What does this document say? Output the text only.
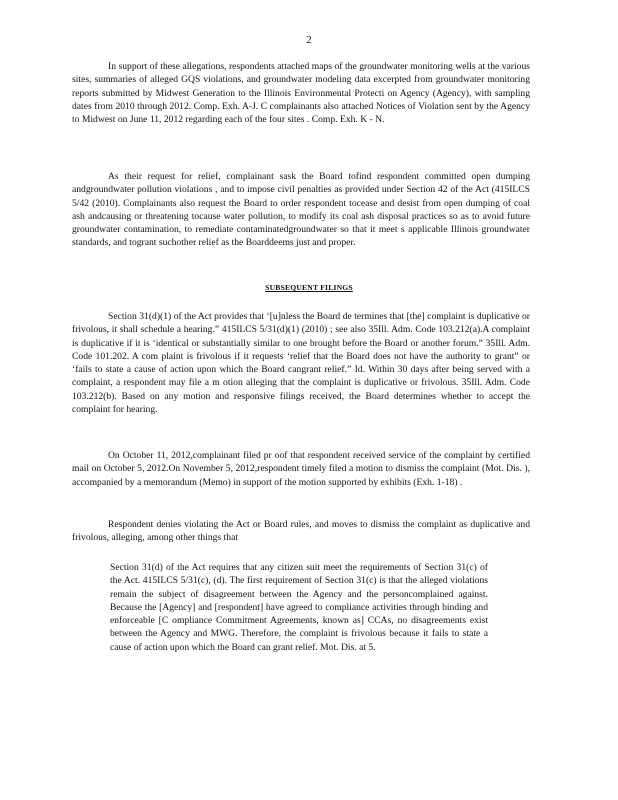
2

In support of these allegations, respondents attached maps of the groundwater monitoring wells at the various sites, summaries of alleged GQS violations, and groundwater modeling data excerpted from groundwater monitoring reports submitted by Midwest Generation to the Illinois Environmental Protecti on Agency (Agency), with sampling dates from 2010 through 2012. Comp. Exh. A-J. C complainants also attached Notices of Violation sent by the Agency to Midwest on June 11, 2012 regarding each of the four sites . Comp. Exh. K - N.

As their request for relief, complainant sask the Board tofind respondent committed open dumping andgroundwater pollution violations , and to impose civil penalties as provided under Section 42 of the Act (415ILCS 5/42 (2010). Complainants also request the Board to order respondent tocease and desist from open dumping of coal ash andcausing or threatening tocause water pollution, to modify its coal ash disposal practices so as to avoid future groundwater contamination, to remediate contaminatedgroundwater so that it meet s applicable Illinois groundwater standards, and togrant suchother relief as the Boarddeems just and proper.

SUBSEQUENT FILINGS

Section 31(d)(1) of the Act provides that ‘[u]nless the Board de termines that [the] complaint is duplicative or frivolous, it shall schedule a hearing.” 415ILCS 5/31(d)(1) (2010) ; see also 35Ill. Adm. Code 103.212(a).A complaint is duplicative if it is ‘identical or substantially similar to one brought before the Board or another forum.” 35Ill. Adm. Code 101.202. A com plaint is frivolous if it requests ‘relief that the Board does not have the authority to grant” or ‘fails to state a cause of action upon which the Board cangrant relief.” Id. Within 30 days after being served with a complaint, a respondent may file a m otion alleging that the complaint is duplicative or frivolous. 35Ill. Adm. Code 103.212(b). Based on any motion and responsive filings received, the Board determines whether to accept the complaint for hearing.

On October 11, 2012,complainant filed pr oof that respondent received service of the complaint by certified mail on October 5, 2012.On November 5, 2012,respondent timely filed a motion to dismiss the complaint (Mot. Dis. ), accompanied by a memorandum (Memo) in support of the motion supported by exhibits (Exh. 1-18) .

Respondent denies violating the Act or Board rules, and moves to dismiss the complaint as duplicative and frivolous, alleging, among other things that

Section 31(d) of the Act requires that any citizen suit meet the requirements of Section 31(c) of the Act. 415ILCS 5/31(c), (d). The first requirement of Section 31(c) is that the alleged violations remain the subject of disagreement between the Agency and the personcomplained against. Because the [Agency] and [respondent] have agreed to compliance activities through binding and enforceable [C ompliance Commitment Agreements, known as] CCAs, no disagreements exist between the Agency and MWG. Therefore, the complaint is frivolous because it fails to state a cause of action upon which the Board can grant relief. Mot. Dis. at 5.
